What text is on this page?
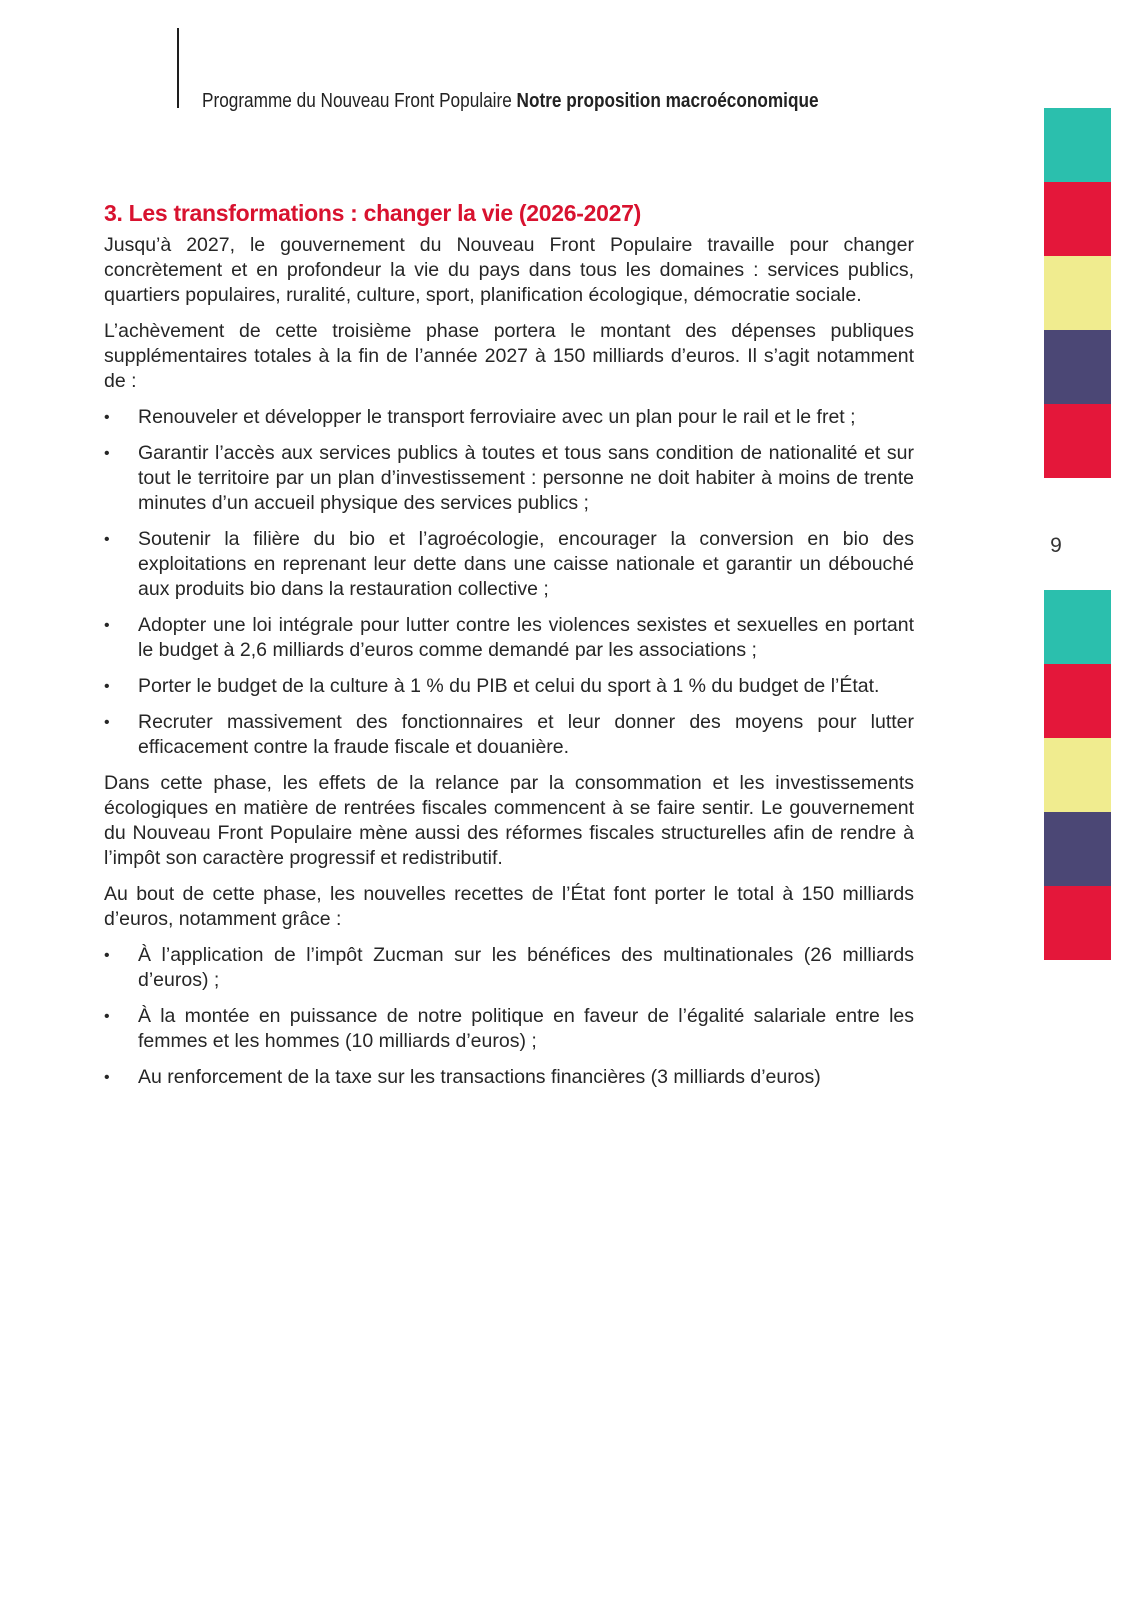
Programme du Nouveau Front Populaire Notre proposition macroéconomique
9
3. Les transformations : changer la vie (2026-2027)

Jusqu’à 2027, le gouvernement du Nouveau Front Populaire travaille pour changer concrètement et en profondeur la vie du pays dans tous les domaines : services publics, quartiers populaires, ruralité, culture, sport, planification écologique, démocratie sociale.

L’achèvement de cette troisième phase portera le montant des dépenses publiques supplémentaires totales à la fin de l’année 2027 à 150 milliards d’euros. Il s’agit notamment de :

• Renouveler et développer le transport ferroviaire avec un plan pour le rail et le fret ;
• Garantir l’accès aux services publics à toutes et tous sans condition de nationalité et sur tout le territoire par un plan d’investissement : personne ne doit habiter à moins de trente minutes d’un accueil physique des services publics ;
• Soutenir la filière du bio et l’agroécologie, encourager la conversion en bio des exploitations en reprenant leur dette dans une caisse nationale et garantir un débouché aux produits bio dans la restauration collective ;
• Adopter une loi intégrale pour lutter contre les violences sexistes et sexuelles en portant le budget à 2,6 milliards d’euros comme demandé par les associations ;
• Porter le budget de la culture à 1 % du PIB et celui du sport à 1 % du budget de l’État.
• Recruter massivement des fonctionnaires et leur donner des moyens pour lutter efficacement contre la fraude fiscale et douanière.

Dans cette phase, les effets de la relance par la consommation et les investissements écologiques en matière de rentrées fiscales commencent à se faire sentir. Le gouvernement du Nouveau Front Populaire mène aussi des réformes fiscales structurelles afin de rendre à l’impôt son caractère progressif et redistributif.

Au bout de cette phase, les nouvelles recettes de l’État font porter le total à 150 milliards d’euros, notamment grâce :

• À l’application de l’impôt Zucman sur les bénéfices des multinationales (26 milliards d’euros) ;
• À la montée en puissance de notre politique en faveur de l’égalité salariale entre les femmes et les hommes (10 milliards d’euros) ;
• Au renforcement de la taxe sur les transactions financières (3 milliards d’euros)
